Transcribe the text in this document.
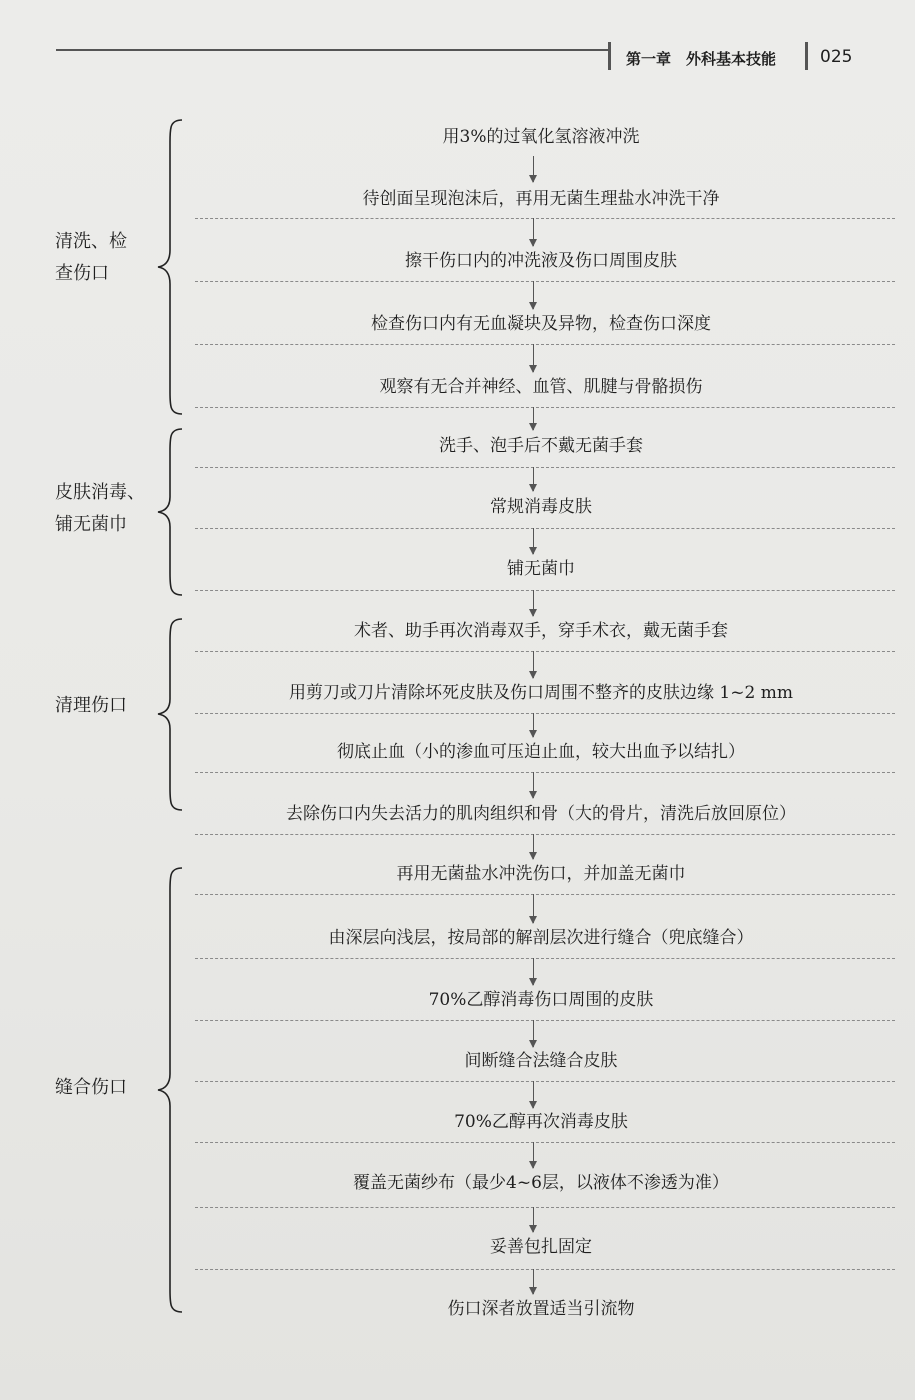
第一章　外科基本技能	025
清洗、检
查伤口
皮肤消毒、
铺无菌巾
清理伤口
缝合伤口
用3%的过氧化氢溶液冲洗
待创面呈现泡沫后，再用无菌生理盐水冲洗干净
擦干伤口内的冲洗液及伤口周围皮肤
检查伤口内有无血凝块及异物，检查伤口深度
观察有无合并神经、血管、肌腱与骨骼损伤
洗手、泡手后不戴无菌手套
常规消毒皮肤
铺无菌巾
术者、助手再次消毒双手，穿手术衣，戴无菌手套
用剪刀或刀片清除坏死皮肤及伤口周围不整齐的皮肤边缘 1~2 mm
彻底止血（小的渗血可压迫止血，较大出血予以结扎）
去除伤口内失去活力的肌肉组织和骨（大的骨片，清洗后放回原位）
再用无菌盐水冲洗伤口，并加盖无菌巾
由深层向浅层，按局部的解剖层次进行缝合（兜底缝合）
70%乙醇消毒伤口周围的皮肤
间断缝合法缝合皮肤
70%乙醇再次消毒皮肤
覆盖无菌纱布（最少4~6层，以液体不渗透为准）
妥善包扎固定
伤口深者放置适当引流物
